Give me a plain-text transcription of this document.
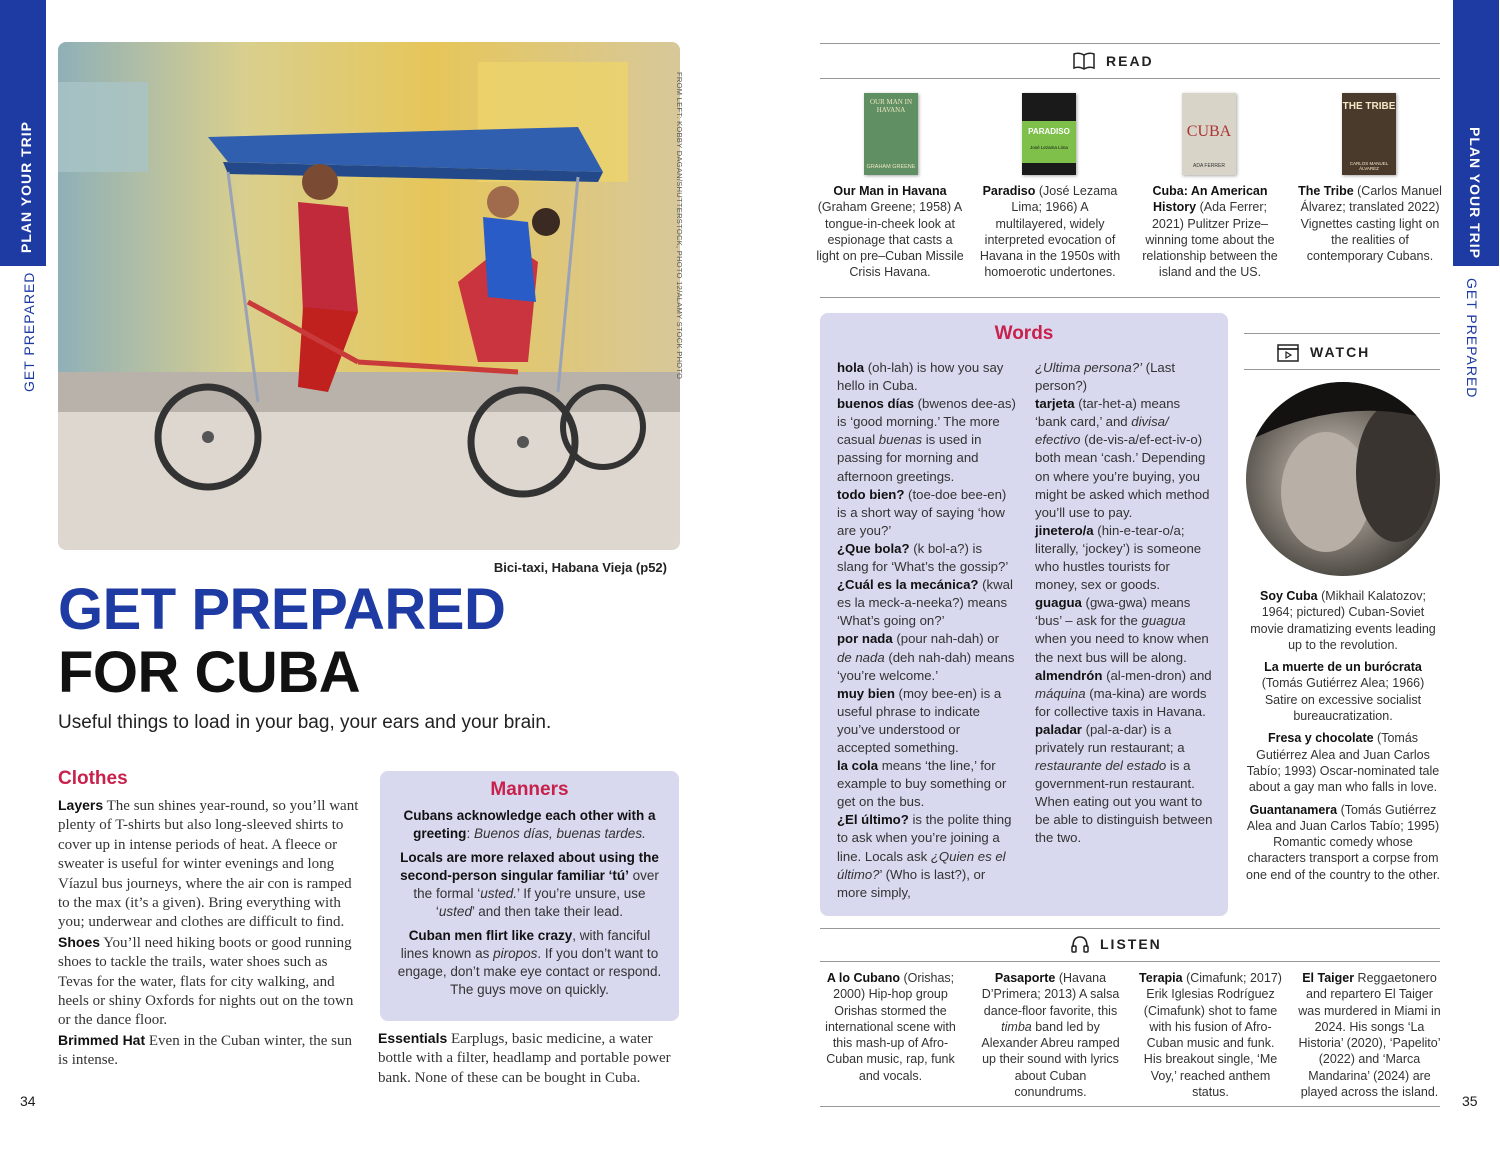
PLAN YOUR TRIP
GET PREPARED
PLAN YOUR TRIP
GET PREPARED
34	35
FROM LEFT: KOBBY DAGAN/SHUTTERSTOCK, PHOTO 12/ALAMY STOCK PHOTO
Bici-taxi, Habana Vieja (p52)
GET PREPARED
FOR CUBA
Useful things to load in your bag, your ears and your brain.
Clothes
Layers The sun shines year-round, so you’ll want plenty of T-shirts but also long-sleeved shirts to cover up in intense periods of heat. A fleece or sweater is useful for winter evenings and long Víazul bus journeys, where the air con is ramped to the max (it’s a given). Bring everything with you; underwear and clothes are difficult to find.
Shoes You’ll need hiking boots or good running shoes to tackle the trails, water shoes such as Tevas for the water, flats for city walking, and heels or shiny Oxfords for nights out on the town or the dance floor.
Brimmed Hat Even in the Cuban winter, the sun is intense.
Manners

Cubans acknowledge each other with a greeting: Buenos días, buenas tardes.

Locals are more relaxed about using the second-person singular familiar ‘tú’ over the formal ‘usted.’ If you’re unsure, use ‘usted’ and then take their lead.

Cuban men flirt like crazy, with fanciful lines known as piropos. If you don’t want to engage, don’t make eye contact or respond. The guys move on quickly.

Essentials Earplugs, basic medicine, a water bottle with a filter, headlamp and portable power bank. None of these can be bought in Cuba.
READ
OUR MAN IN HAVANA
GRAHAM GREENE
PARADISO
José Lezama Lima
CUBA
ADA FERRER
THE TRIBE
CARLOS MANUEL ÁLVAREZ
Our Man in Havana
(Graham Greene; 1958) A tongue-in-cheek look at espionage that casts a light on pre–Cuban Missile Crisis Havana.
Paradiso (José Lezama Lima; 1966) A multilayered, widely interpreted evocation of Havana in the 1950s with homoerotic undertones.
Cuba: An American History (Ada Ferrer; 2021) Pulitzer Prize–winning tome about the relationship between the island and the US.
The Tribe (Carlos Manuel Álvarez; translated 2022) Vignettes casting light on the realities of contemporary Cubans.
Words
hola (oh-lah) is how you say hello in Cuba.
buenos días (bwenos dee-as) is ‘good morning.’ The more casual buenas is used in passing for morning and afternoon greetings.
todo bien? (toe-doe bee-en) is a short way of saying ‘how are you?’
¿Que bola? (k bol-a?) is slang for ‘What’s the gossip?’
¿Cuál es la mecánica? (kwal es la meck-a-neeka?) means ‘What’s going on?’
por nada (pour nah-dah) or de nada (deh nah-dah) means ‘you’re welcome.’
muy bien (moy bee-en) is a useful phrase to indicate you’ve understood or accepted something.
la cola means ‘the line,’ for example to buy something or get on the bus.
¿El último? is the polite thing to ask when you’re joining a line. Locals ask ¿Quien es el último?’ (Who is last?), or more simply,
¿Ultima persona?’ (Last person?)
tarjeta (tar-het-a) means ‘bank card,’ and divisa/ efectivo (de-vis-a/ef-ect-iv-o) both mean ‘cash.’ Depending on where you’re buying, you might be asked which method you’ll use to pay.
jinetero/a (hin-e-tear-o/a; literally, ‘jockey’) is someone who hustles tourists for money, sex or goods.
guagua (gwa-gwa) means ‘bus’ – ask for the guagua when you need to know when the next bus will be along.
almendrón (al-men-dron) and máquina (ma-kina) are words for collective taxis in Havana.
paladar (pal-a-dar) is a privately run restaurant; a restaurante del estado is a government-run restaurant. When eating out you want to be able to distinguish between the two.
WATCH

Soy Cuba (Mikhail Kalatozov; 1964; pictured) Cuban-Soviet movie dramatizing events leading up to the revolution.

La muerte de un burócrata (Tomás Gutiérrez Alea; 1966) Satire on excessive socialist bureaucratization.

Fresa y chocolate (Tomás Gutiérrez Alea and Juan Carlos Tabío; 1993) Oscar-nominated tale about a gay man who falls in love.

Guantanamera (Tomás Gutiérrez Alea and Juan Carlos Tabío; 1995) Romantic comedy whose characters transport a corpse from one end of the country to the other.

LISTEN
A lo Cubano (Orishas; 2000) Hip-hop group Orishas stormed the international scene with this mash-up of Afro-Cuban music, rap, funk and vocals.
Pasaporte (Havana D’Primera; 2013) A salsa dance-floor favorite, this timba band led by Alexander Abreu ramped up their sound with lyrics about Cuban conundrums.
Terapia (Cimafunk; 2017) Erik Iglesias Rodríguez (Cimafunk) shot to fame with his fusion of Afro-Cuban music and funk. His breakout single, ‘Me Voy,’ reached anthem status.
El Taiger Reggaetonero and repartero El Taiger was murdered in Miami in 2024. His songs ‘La Historia’ (2020), ‘Papelito’ (2022) and ‘Marca Mandarina’ (2024) are played across the island.
